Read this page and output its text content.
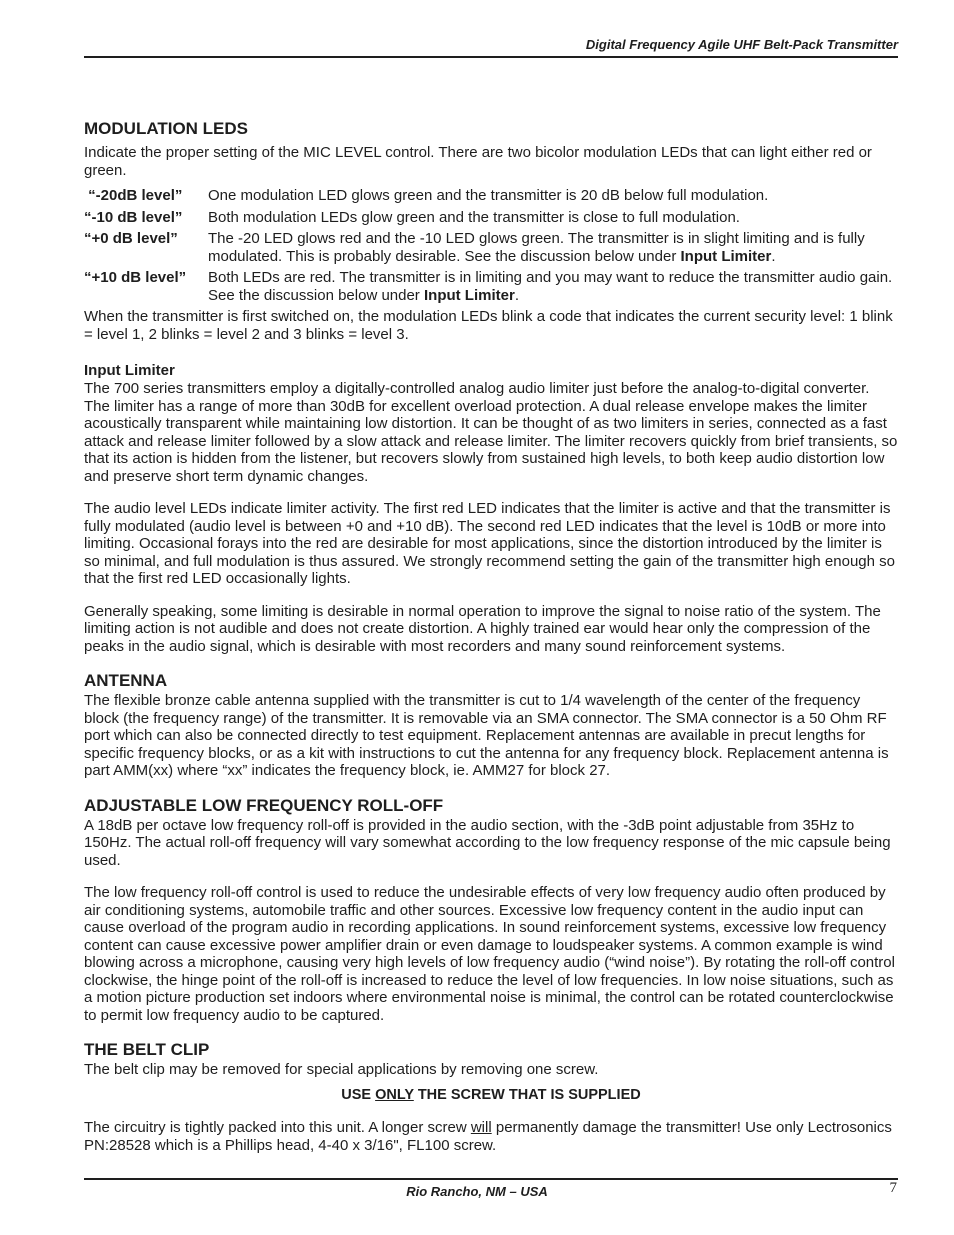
Digital Frequency Agile UHF Belt-Pack Transmitter
MODULATION LEDS

Indicate the proper setting of the MIC LEVEL control. There are two bicolor modulation LEDs that can light either red or green.

“-20dB level”	One modulation LED glows green and the transmitter is 20 dB below full modulation.
“-10 dB level”	Both modulation LEDs glow green and the transmitter is close to full modulation.
“+0 dB level”	The -20 LED glows red and the -10 LED glows green. The transmitter is in slight limiting and is fully modulated. This is probably desirable. See the discussion below under Input Limiter.
“+10 dB level”	Both LEDs are red. The transmitter is in limiting and you may want to reduce the transmitter audio gain. See the discussion below under Input Limiter.

When the transmitter is first switched on, the modulation LEDs blink a code that indicates the current security level: 1 blink = level 1, 2 blinks = level 2 and 3 blinks = level 3.

Input Limiter

The 700 series transmitters employ a digitally-controlled analog audio limiter just before the analog-to-digital converter. The limiter has a range of more than 30dB for excellent overload protection. A dual release envelope makes the limiter acoustically transparent while maintaining low distortion. It can be thought of as two limiters in series, connected as a fast attack and release limiter followed by a slow attack and release limiter. The limiter recovers quickly from brief transients, so that its action is hidden from the listener, but recovers slowly from sustained high levels, to both keep audio distortion low and preserve short term dynamic changes.

The audio level LEDs indicate limiter activity. The first red LED indicates that the limiter is active and that the transmitter is fully modulated (audio level is between +0 and +10 dB). The second red LED indicates that the level is 10dB or more into limiting. Occasional forays into the red are desirable for most applications, since the distortion introduced by the limiter is so minimal, and full modulation is thus assured. We strongly recommend setting the gain of the transmitter high enough so that the first red LED occasionally lights.

Generally speaking, some limiting is desirable in normal operation to improve the signal to noise ratio of the system. The limiting action is not audible and does not create distortion. A highly trained ear would hear only the compression of the peaks in the audio signal, which is desirable with most recorders and many sound reinforcement systems.

ANTENNA

The flexible bronze cable antenna supplied with the transmitter is cut to 1/4 wavelength of the center of the frequency block (the frequency range) of the transmitter. It is removable via an SMA connector. The SMA connector is a 50 Ohm RF port which can also be connected directly to test equipment. Replacement antennas are available in precut lengths for specific frequency blocks, or as a kit with instructions to cut the antenna for any frequency block. Replacement antenna is part AMM(xx) where “xx” indicates the frequency block, ie. AMM27 for block 27.

ADJUSTABLE LOW FREQUENCY ROLL-OFF

A 18dB per octave low frequency roll-off is provided in the audio section, with the -3dB point adjustable from 35Hz to 150Hz. The actual roll-off frequency will vary somewhat according to the low frequency response of the mic capsule being used.

The low frequency roll-off control is used to reduce the undesirable effects of very low frequency audio often produced by air conditioning systems, automobile traffic and other sources. Excessive low frequency content in the audio input can cause overload of the program audio in recording applications. In sound reinforcement systems, excessive low frequency content can cause excessive power amplifier drain or even damage to loudspeaker systems. A common example is wind blowing across a microphone, causing very high levels of low frequency audio (“wind noise”). By rotating the roll-off control clockwise, the hinge point of the roll-off is increased to reduce the level of low frequencies. In low noise situations, such as a motion picture production set indoors where environmental noise is minimal, the control can be rotated counterclockwise to permit low frequency audio to be captured.

THE BELT CLIP

The belt clip may be removed for special applications by removing one screw.

USE ONLY THE SCREW THAT IS SUPPLIED

The circuitry is tightly packed into this unit. A longer screw will permanently damage the transmitter! Use only Lectrosonics PN:28528 which is a Phillips head, 4-40 x 3/16", FL100 screw.

Rio Rancho, NM – USA	7
